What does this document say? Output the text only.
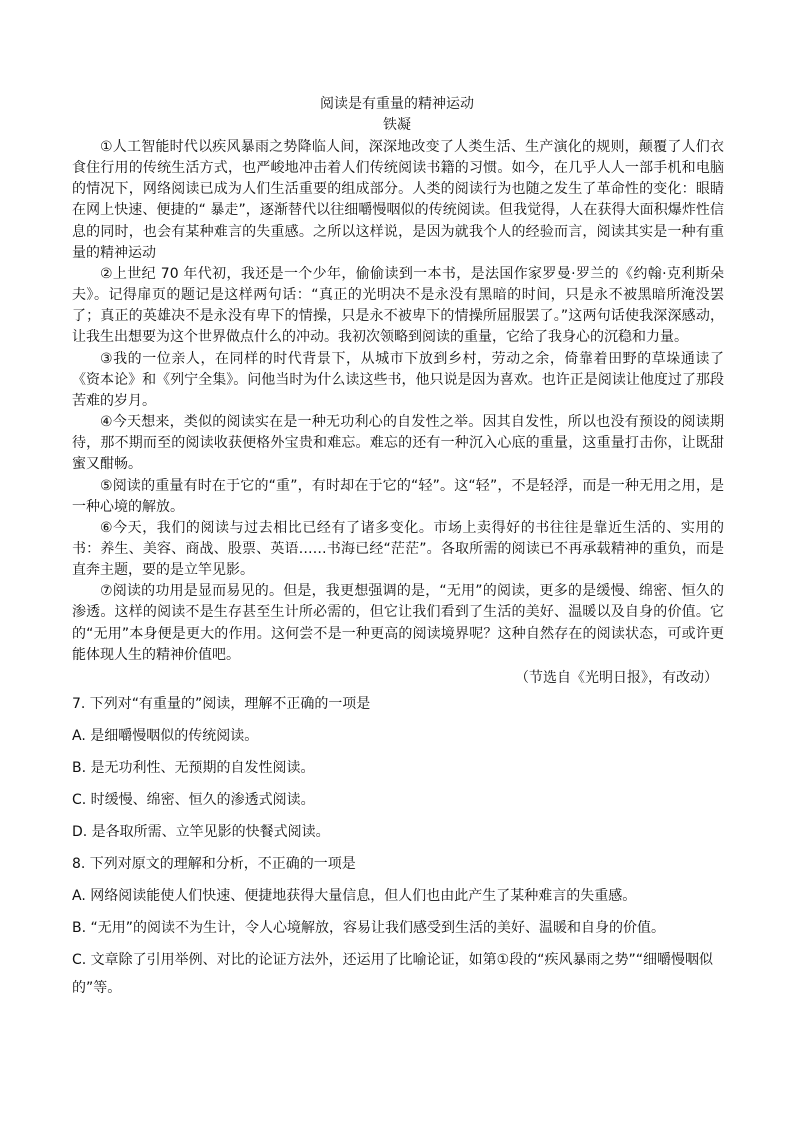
阅读是有重量的精神运动
铁凝

①人工智能时代以疾风暴雨之势降临人间，深深地改变了人类生活、生产演化的规则，颠覆了人们衣食住行用的传统生活方式，也严峻地冲击着人们传统阅读书籍的习惯。如今，在几乎人人一部手机和电脑的情况下，网络阅读已成为人们生活重要的组成部分。人类的阅读行为也随之发生了革命性的变化：眼睛在网上快速、便捷的“ 暴走”，逐渐替代以往细嚼慢咽似的传统阅读。但我觉得，人在获得大面积爆炸性信息的同时，也会有某种难言的失重感。之所以这样说，是因为就我个人的经验而言，阅读其实是一种有重量的精神运动

②上世纪 70 年代初，我还是一个少年，偷偷读到一本书，是法国作家罗曼·罗兰的《约翰·克利斯朵夫》。记得扉页的题记是这样两句话：“真正的光明决不是永没有黑暗的时间，只是永不被黑暗所淹没罢了；真正的英雄决不是永没有卑下的情操，只是永不被卑下的情操所屈服罢了。”这两句话使我深深感动，让我生出想要为这个世界做点什么的冲动。我初次领略到阅读的重量，它给了我身心的沉稳和力量。

③我的一位亲人，在同样的时代背景下，从城市下放到乡村，劳动之余，倚靠着田野的草垛通读了《资本论》和《列宁全集》。问他当时为什么读这些书，他只说是因为喜欢。也许正是阅读让他度过了那段苦难的岁月。

④今天想来，类似的阅读实在是一种无功利心的自发性之举。因其自发性，所以也没有预设的阅读期待，那不期而至的阅读收获便格外宝贵和难忘。难忘的还有一种沉入心底的重量，这重量打击你，让既甜蜜又酣畅。

⑤阅读的重量有时在于它的“重”，有时却在于它的“轻”。这“轻”，不是轻浮，而是一种无用之用，是一种心境的解放。

⑥今天，我们的阅读与过去相比已经有了诸多变化。市场上卖得好的书往往是靠近生活的、实用的书：养生、美容、商战、股票、英语……书海已经“茫茫”。各取所需的阅读已不再承载精神的重负，而是直奔主题，要的是立竿见影。

⑦阅读的功用是显而易见的。但是，我更想强调的是，“无用”的阅读，更多的是缓慢、绵密、恒久的渗透。这样的阅读不是生存甚至生计所必需的，但它让我们看到了生活的美好、温暖以及自身的价值。它的“无用”本身便是更大的作用。这何尝不是一种更高的阅读境界呢？这种自然存在的阅读状态，可或许更能体现人生的精神价值吧。

（节选自《光明日报》，有改动）

7. 下列对“有重量的”阅读，理解不正确的一项是

A. 是细嚼慢咽似的传统阅读。

B. 是无功利性、无预期的自发性阅读。

C. 时缓慢、绵密、恒久的渗透式阅读。

D. 是各取所需、立竿见影的快餐式阅读。

8. 下列对原文的理解和分析，不正确的一项是

A. 网络阅读能使人们快速、便捷地获得大量信息，但人们也由此产生了某种难言的失重感。

B. “无用”的阅读不为生计，令人心境解放，容易让我们感受到生活的美好、温暖和自身的价值。

C. 文章除了引用举例、对比的论证方法外，还运用了比喻论证，如第①段的“疾风暴雨之势”“细嚼慢咽似的”等。
